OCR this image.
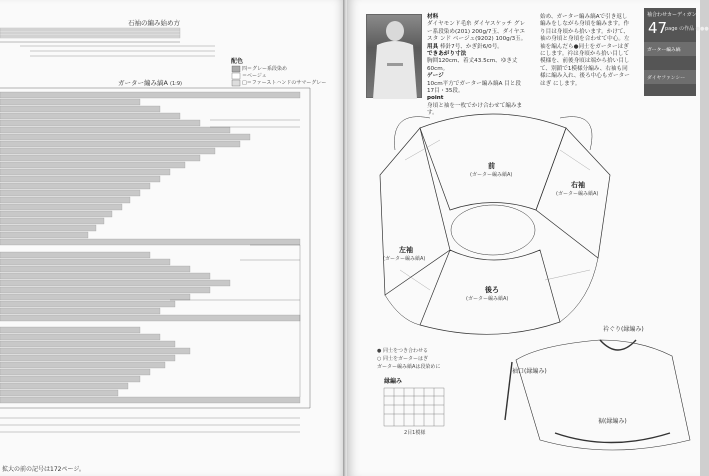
石袖の編み始め方
配色
四＝グレー系段染め
＝ベージュ
□＝ファーストハンドのサマーグレー
ガーター編み縞A (1:9)
拡大の前の記号は172ページ。

材料
ダイヤモンド毛糸 ダイヤスケッチ グレー系段染め(201) 200g/7玉、ダイヤエスタ ンド ベージュ(9202) 100g/3玉。

用具 棒針7号、かぎ針6/0号。

できあがり寸法
胸囲120cm、着丈43.5cm、ゆき丈60cm。

ゲージ
10cm平方でガーター編み縞A 目と段17目・35段。

point
身頃と袖を一枚でかけ合わせて編みます。

始め、ガーター編み縞Aで引き返し編みをしながら身頃を編みます。作り目は身頃から拾います。かけて、袖の身頃と身頃を合わせて中心。左袖を編んだら●同士をガーターはぎにします。衿は身頃から拾い目して模様を、前後身頃は端から拾い目して、別鎖で1模様分編み、右袖も同様に編み入れ、後ろ中心もガーターはぎ にします。
袖合わせカーディガン
47
page の作品 ●●●
ガーター編み縞
ダイヤファンシー
前
(ガーター編み縞A)
右袖
(ガーター編み縞A)
左袖
(ガーター編み縞A)
後ろ
(ガーター編み縞A)
● 同士をつき合わせる
○ 同士をガーターはぎ
ガーター編み縞Aは段染めに
縁編み
2目1模様
衿ぐり(縁編み)
袖口(縁編み)
裾(縁編み)
